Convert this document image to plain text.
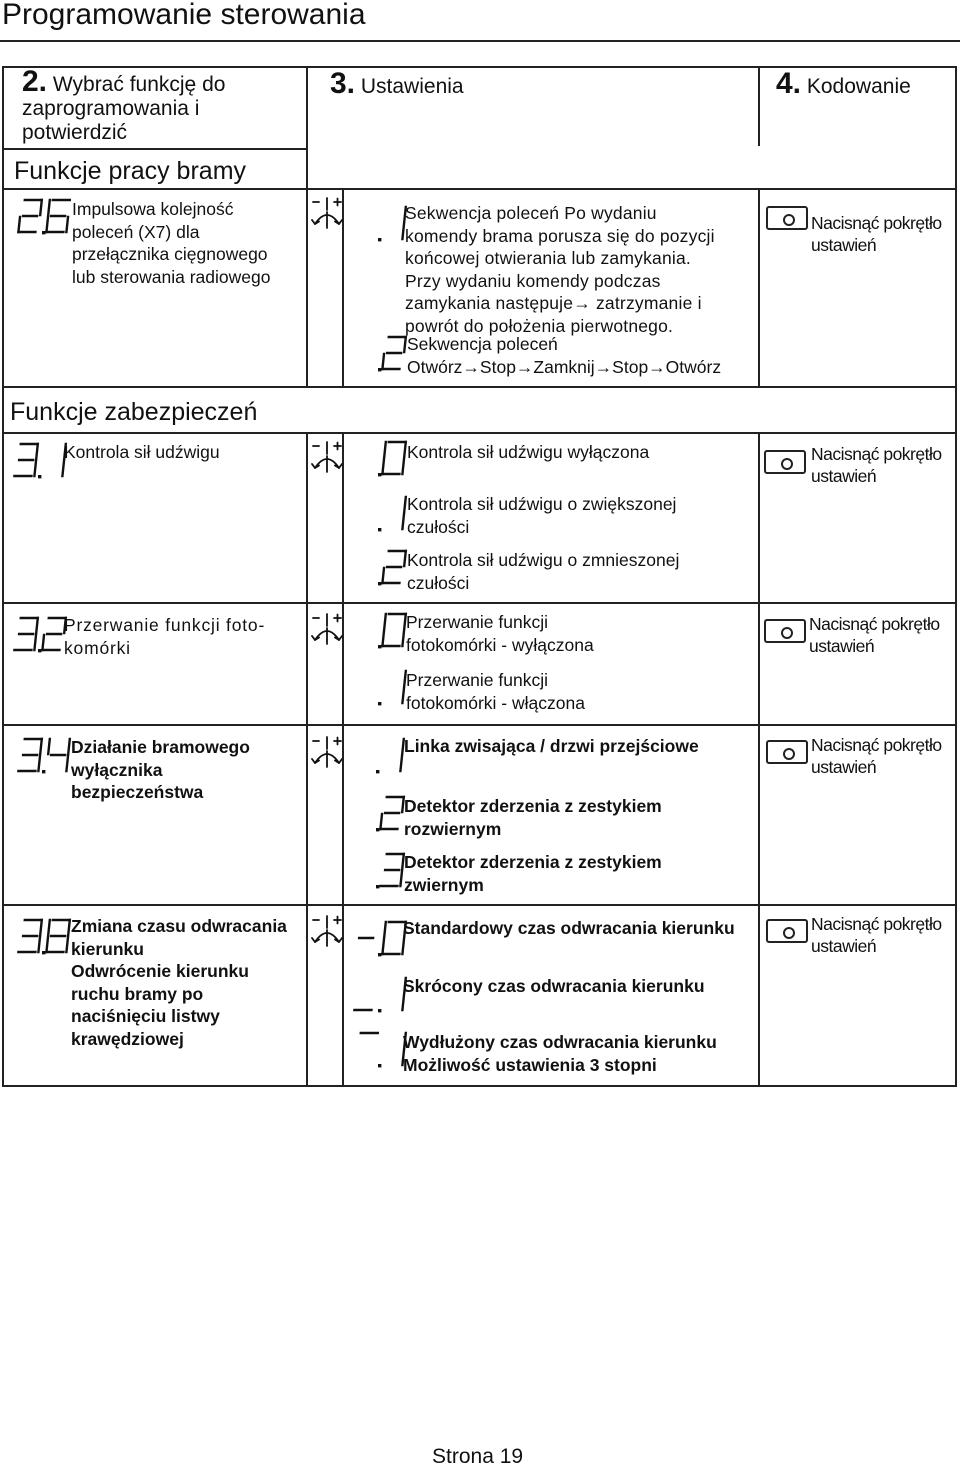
Programowanie sterowania
2. Wybrać funkcję do
zaprogramowania i
potwierdzić
3. Ustawienia	4. Kodowanie
Funkcje pracy bramy
Funkcje zabezpieczeń
Impulsowa kolejność
poleceń (X7) dla
przełącznika cięgnowego
lub sterowania radiowego
Sekwencja poleceń Po wydaniu
komendy brama porusza się do pozycji
końcowej otwierania lub zamykania.
Przy wydaniu komendy podczas
zamykania następuje→ zatrzymanie i
powrót do położenia pierwotnego.
Sekwencja poleceń
Otwórz→Stop→Zamknij→Stop→Otwórz
Nacisnąć pokrętło
ustawień
Kontrola sił udźwigu	Kontrola sił udźwigu wyłączona
Kontrola sił udźwigu o zwiększonej
czułości
Kontrola sił udźwigu o zmnieszonej
czułości
Nacisnąć pokrętło
ustawień
Przerwanie funkcji foto-
komórki
Przerwanie funkcji
fotokomórki - wyłączona
Przerwanie funkcji
fotokomórki - włączona
Nacisnąć pokrętło
ustawień
Działanie bramowego
wyłącznika
bezpieczeństwa
Linka zwisająca / drzwi przejściowe
Detektor zderzenia z zestykiem
rozwiernym
Detektor zderzenia z zestykiem
zwiernym
Nacisnąć pokrętło
ustawień
Zmiana czasu odwracania
kierunku
Odwrócenie kierunku
ruchu bramy po
naciśnięciu listwy
krawędziowej
Standardowy czas odwracania kierunku
Skrócony czas odwracania kierunku
Wydłużony czas odwracania kierunku
Możliwość ustawienia 3 stopni
Nacisnąć pokrętło
ustawień
Strona 19
